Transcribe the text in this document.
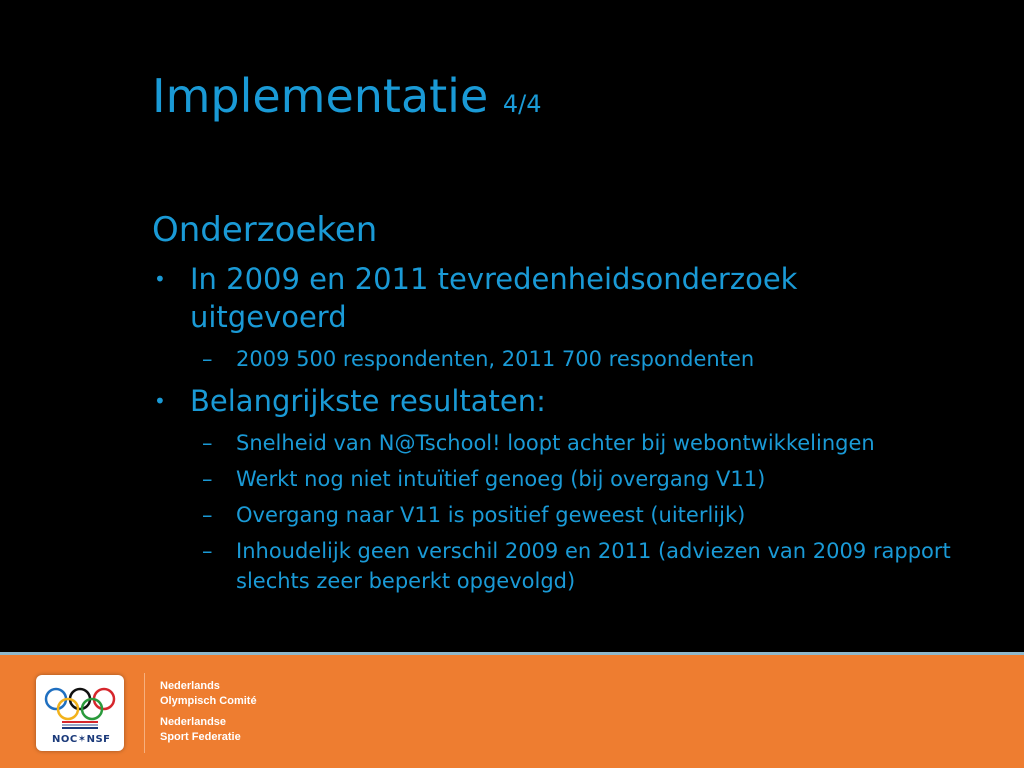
Implementatie 4/4
Onderzoeken
• In 2009 en 2011 tevredenheidsonderzoek uitgevoerd
– 2009 500 respondenten, 2011 700 respondenten
• Belangrijkste resultaten:
– Snelheid van N@Tschool! loopt achter bij webontwikkelingen
– Werkt nog niet intuïtief genoeg (bij overgang V11)
– Overgang naar V11 is positief geweest (uiterlijk)
– Inhoudelijk geen verschil 2009 en 2011 (adviezen van 2009 rapport slechts zeer beperkt opgevolgd)
NOC✶NSF
Nederlands
Olympisch Comité
Nederlandse
Sport Federatie
